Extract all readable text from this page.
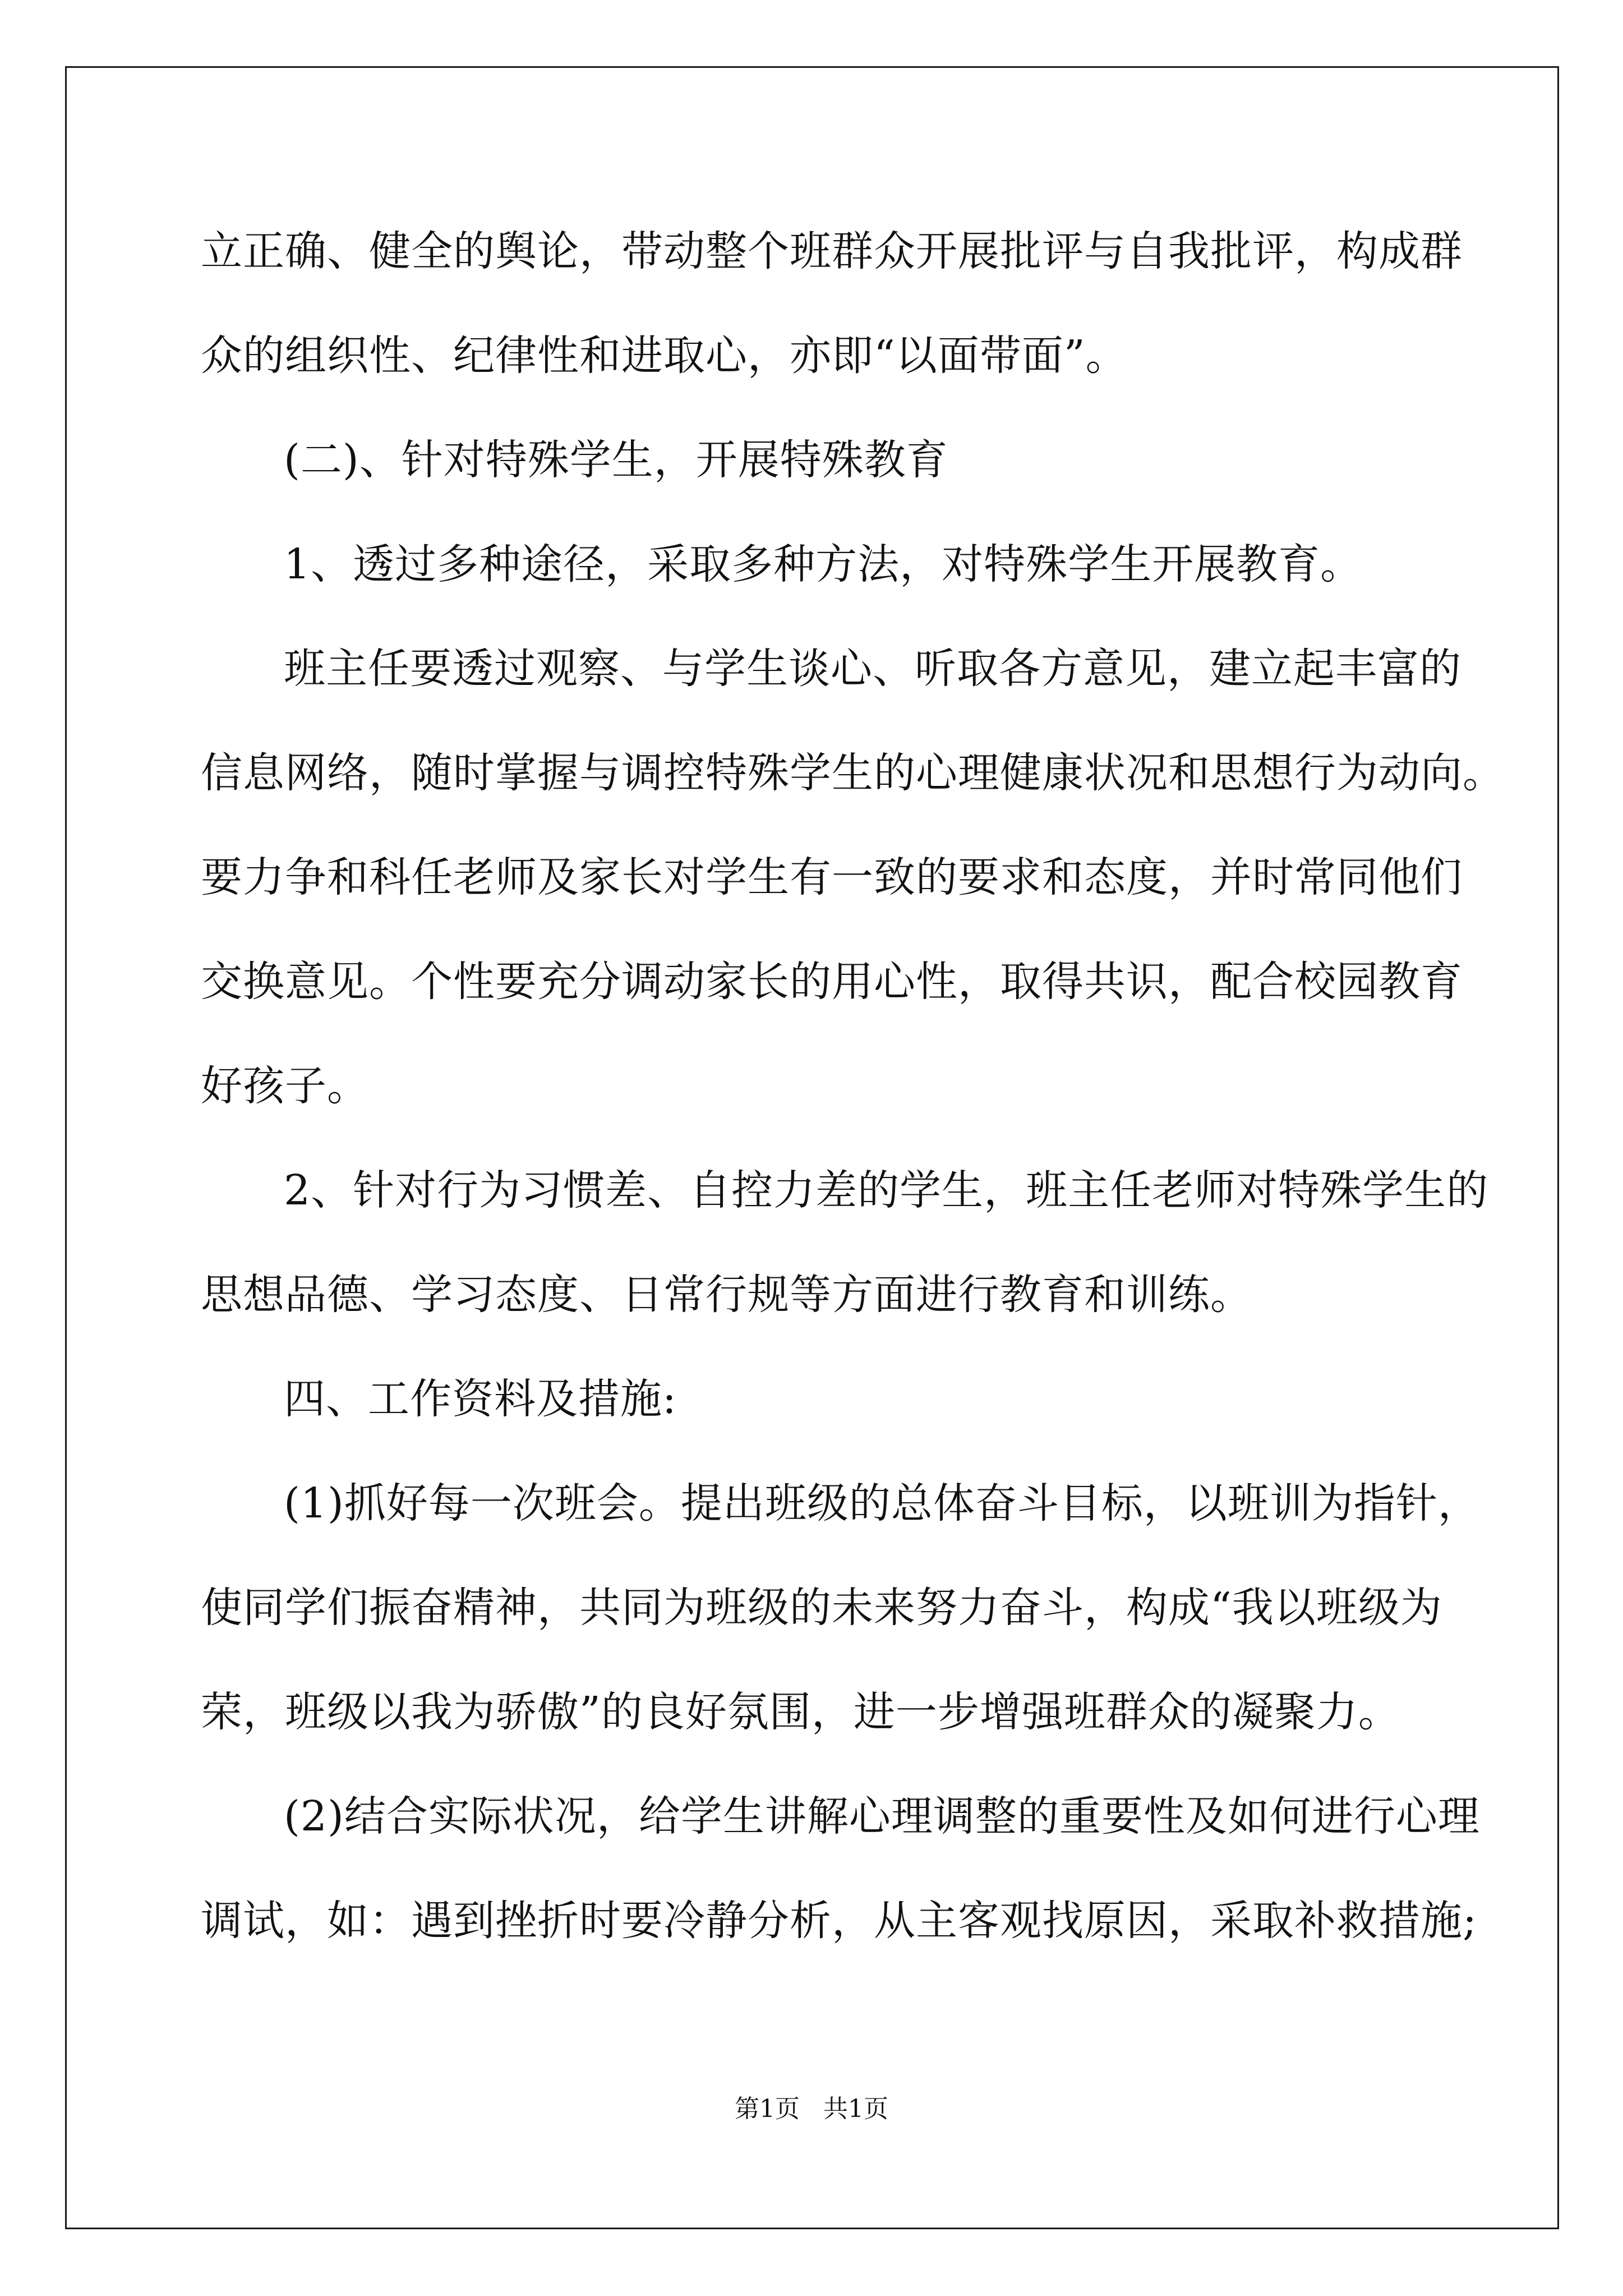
立正确、健全的舆论，带动整个班群众开展批评与自我批评，构成群

众的组织性、纪律性和进取心，亦即“以面带面”。

(二)、针对特殊学生，开展特殊教育

1、透过多种途径，采取多种方法，对特殊学生开展教育。

班主任要透过观察、与学生谈心、听取各方意见，建立起丰富的

信息网络，随时掌握与调控特殊学生的心理健康状况和思想行为动向。

要力争和科任老师及家长对学生有一致的要求和态度，并时常同他们

交换意见。个性要充分调动家长的用心性，取得共识，配合校园教育

好孩子。

2、针对行为习惯差、自控力差的学生，班主任老师对特殊学生的

思想品德、学习态度、日常行规等方面进行教育和训练。

四、工作资料及措施:

(1)抓好每一次班会。提出班级的总体奋斗目标，以班训为指针，

使同学们振奋精神，共同为班级的未来努力奋斗，构成“我以班级为

荣，班级以我为骄傲”的良好氛围，进一步增强班群众的凝聚力。

(2)结合实际状况，给学生讲解心理调整的重要性及如何进行心理

调试，如：遇到挫折时要冷静分析，从主客观找原因，采取补救措施;

第1页   共1页
